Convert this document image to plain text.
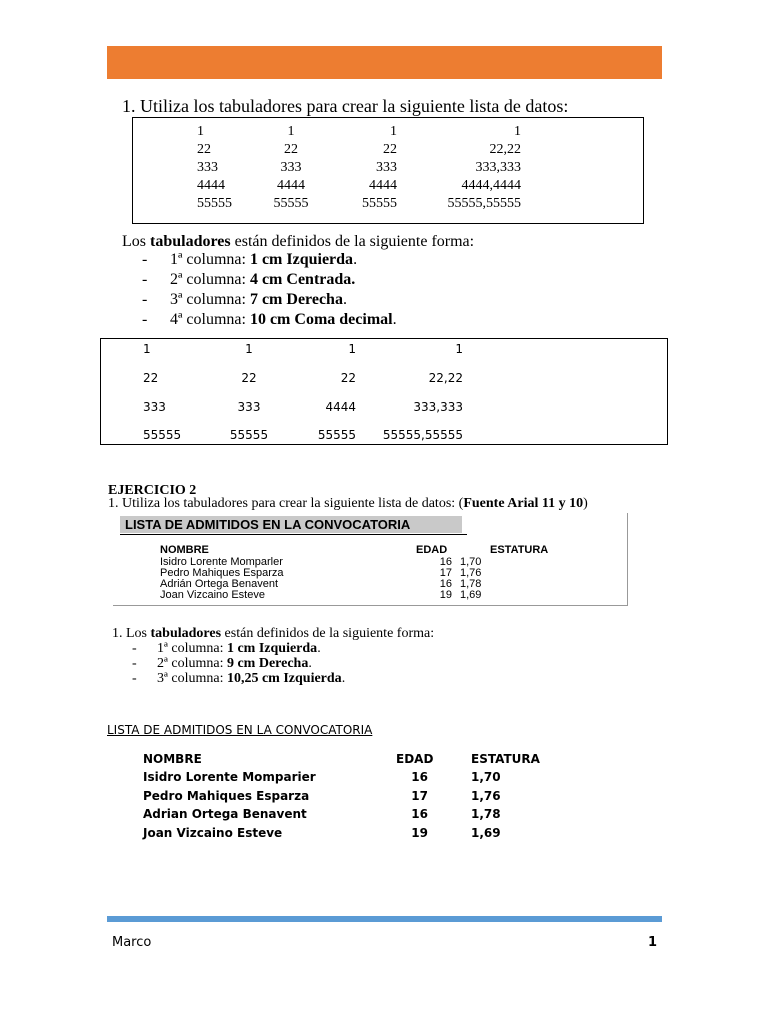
1. Utiliza los tabuladores para crear la siguiente lista de datos:
1	1	1	1
22	22	22	22,22
333	333	333	333,333
4444	4444	4444	4444,4444
55555	55555	55555	55555,55555
Los tabuladores están definidos de la siguiente forma:
-	1ª columna:
1 cm Izquierda .
-	2ª columna:
4 cm Centrada.
-	3ª columna:
7 cm Derecha .
-	4ª columna:
10 cm Coma decimal .
1	1	1	1
22	22	22	22,22
333	333	4444	333,333
55555	55555	55555 55555,55555
EJERCICIO 2
1. Utiliza los tabuladores para crear la siguiente lista de datos: (Fuente Arial 11 y 10)
LISTA DE ADMITIDOS EN LA CONVOCATORIA
NOMBRE	EDAD	ESTATURA
Isidro Lorente Momparler	16 1,70
Pedro Mahiques Esparza	17 1,76
Adrián Ortega Benavent	16 1,78
Joan Vizcaino Esteve	19 1,69
1. Los tabuladores están definidos de la siguiente forma:
-	1ª columna:
1 cm Izquierda .
-	2ª columna:
9 cm Derecha .
-	3ª columna:
10,25 cm Izquierda .
LISTA DE ADMITIDOS EN LA CONVOCATORIA
NOMBRE	EDAD	ESTATURA
Isidro Lorente Momparier	16	1,70
Pedro Mahiques Esparza	17	1,76
Adrian Ortega Benavent	16	1,78
Joan Vizcaino Esteve	19	1,69
Marco	1
